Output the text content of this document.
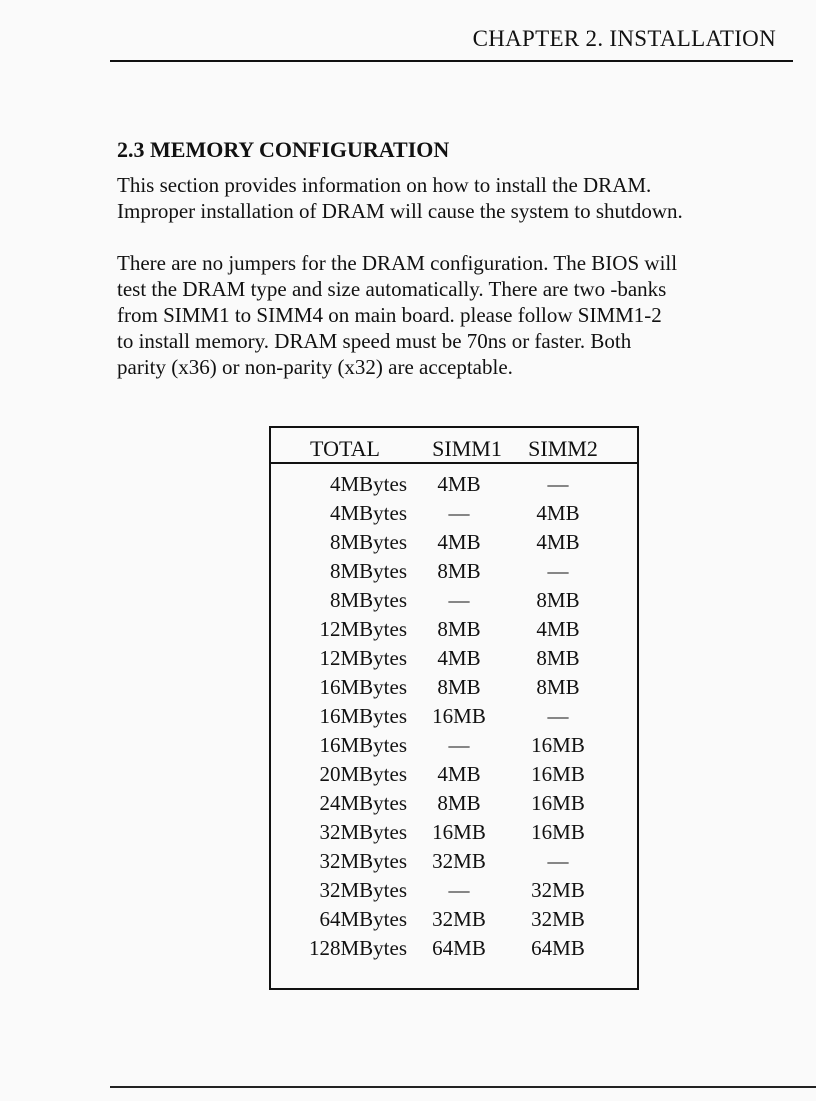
CHAPTER 2. INSTALLATION
2.3 MEMORY CONFIGURATION

This section provides information on how to install the DRAM.

Improper installation of DRAM will cause the system to shutdown.

There are no jumpers for the DRAM configuration. The BIOS will

test the DRAM type and size automatically. There are two -banks

from SIMM1 to SIMM4 on main board. please follow SIMM1-2

to install memory. DRAM speed must be 70ns or faster. Both

parity (x36) or non-parity (x32) are acceptable.

TOTAL	SIMM1	SIMM2
4MBytes	4MB	—
4MBytes	—	4MB
8MBytes	4MB	4MB
8MBytes	8MB	—
8MBytes	—	8MB
12MBytes	8MB	4MB
12MBytes	4MB	8MB
16MBytes	8MB	8MB
16MBytes	16MB	—
16MBytes	—	16MB
20MBytes	4MB	16MB
24MBytes	8MB	16MB
32MBytes	16MB	16MB
32MBytes	32MB	—
32MBytes	—	32MB
64MBytes	32MB	32MB
128MBytes	64MB	64MB
